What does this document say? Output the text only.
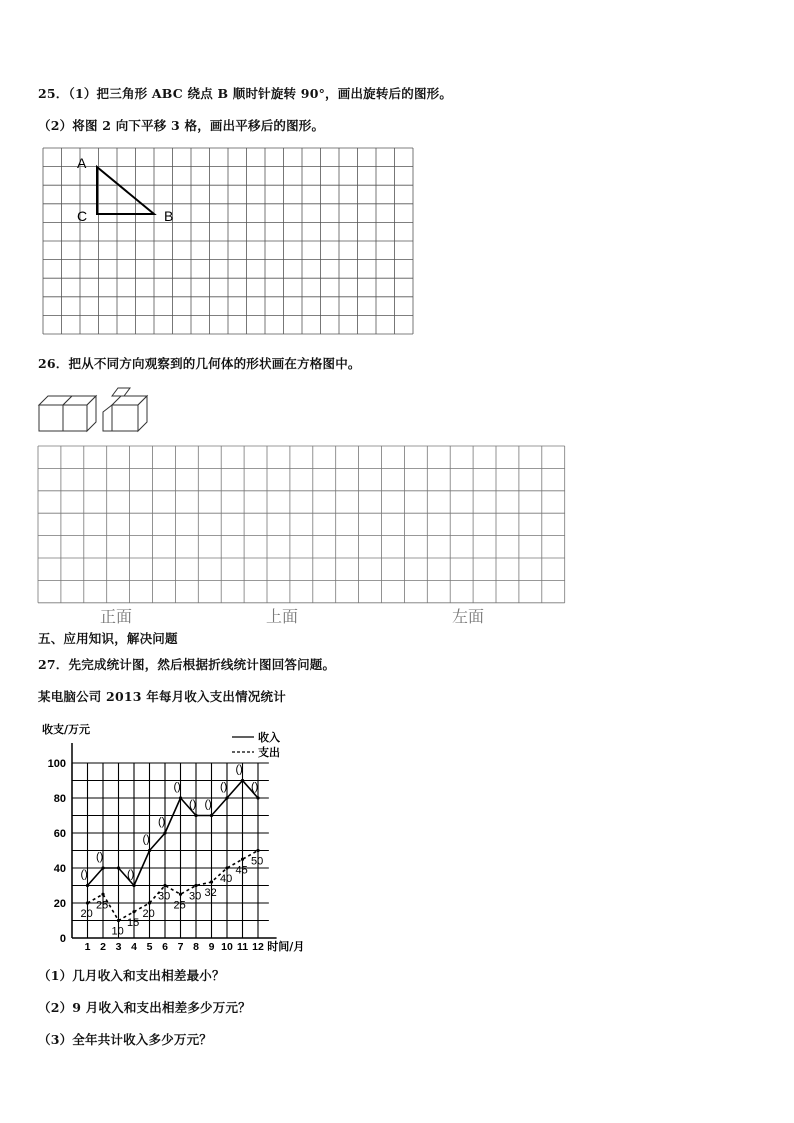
25．（1）把三角形 ABC 绕点 B 顺时针旋转 90°，画出旋转后的图形。
（2）将图 2 向下平移 3 格，画出平移后的图形。
A
C	B
26．把从不同方向观察到的几何体的形状画在方格图中。
正面	上面	左面
五、应用知识，解决问题
27．先完成统计图，然后根据折线统计图回答问题。
某电脑公司 2013 年每月收入支出情况统计
收支/万元
时间/月
0
20
40
60
80
100
1 2 3 4 5 6 7 8 9 10 11 12
()
()
()
()
()
()
() ()
()
()
()
20
25
10
15
20
30
25
30 32
40
45
50
收入
支出
（1）几月收入和支出相差最小？
（2）9 月收入和支出相差多少万元？
（3）全年共计收入多少万元？
